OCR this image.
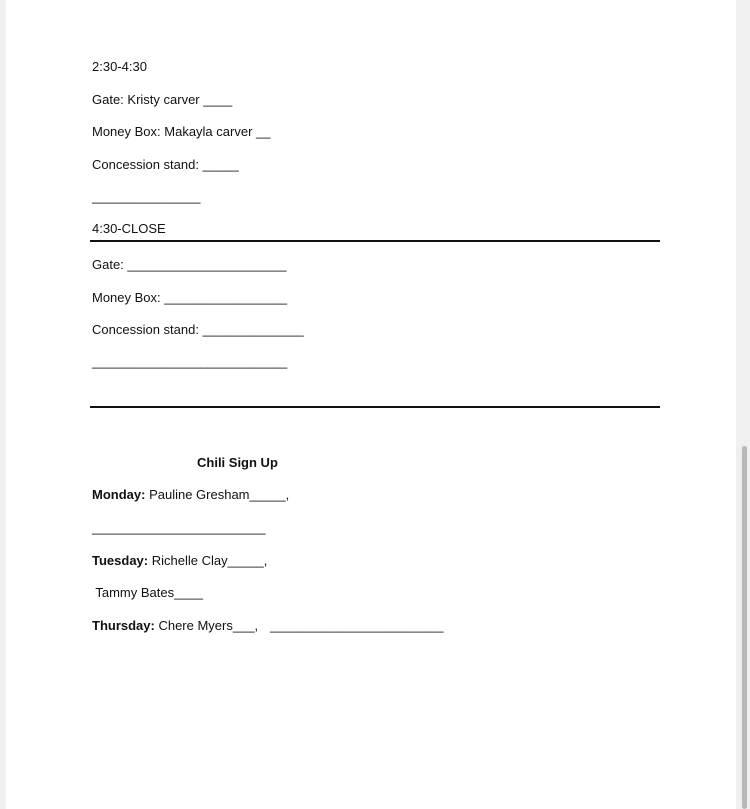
2:30-4:30
Gate: Kristy carver ____
Money Box: Makayla carver __
Concession stand: _____
_______________
4:30-CLOSE
Gate: ______________________
Money Box: _________________
Concession stand: ______________
___________________________
Chili Sign Up
Monday: Pauline Gresham_____,
________________________
Tuesday: Richelle Clay_____,
Tammy Bates____
Thursday: Chere Myers___, ________________________
